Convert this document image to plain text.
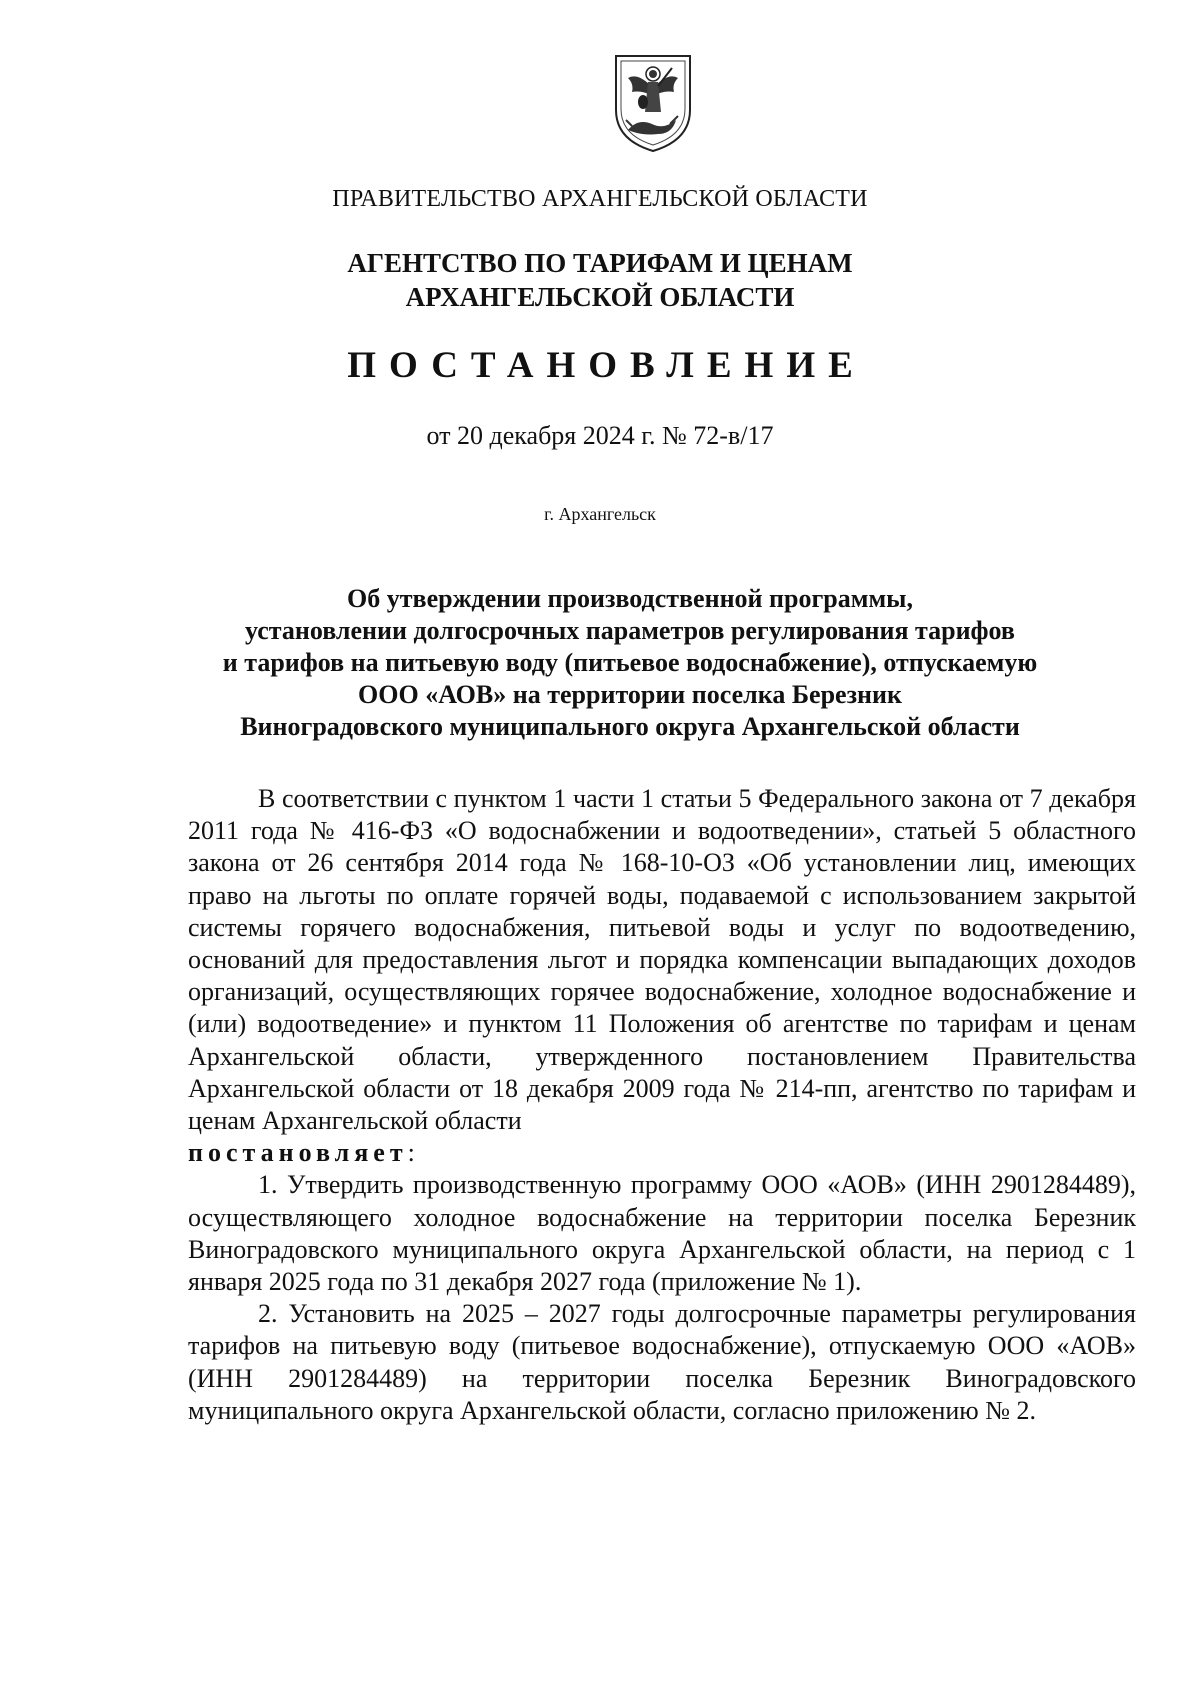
ПРАВИТЕЛЬСТВО АРХАНГЕЛЬСКОЙ ОБЛАСТИ
АГЕНТСТВО ПО ТАРИФАМ И ЦЕНАМ
АРХАНГЕЛЬСКОЙ ОБЛАСТИ
ПОСТАНОВЛЕНИЕ
от 20 декабря 2024 г. № 72-в/17
г. Архангельск
Об утверждении производственной программы,
установлении долгосрочных параметров регулирования тарифов
и тарифов на питьевую воду (питьевое водоснабжение), отпускаемую
ООО «АОВ» на территории поселка Березник
Виноградовского муниципального округа Архангельской области
В соответствии с пунктом 1 части 1 статьи 5 Федерального закона от 7 декабря 2011 года № 416-ФЗ «О водоснабжении и водоотведении», статьей 5 областного закона от 26 сентября 2014 года № 168-10-ОЗ «Об установлении лиц, имеющих право на льготы по оплате горячей воды, подаваемой с использованием закрытой системы горячего водоснабжения, питьевой воды и услуг по водоотведению, оснований для предоставления льгот и порядка компенсации выпадающих доходов организаций, осуществляющих горячее водоснабжение, холодное водоснабжение и (или) водоотведение» и пунктом 11 Положения об агентстве по тарифам и ценам Архангельской области, утвержденного постановлением Правительства Архангельской области от 18 декабря 2009 года № 214-пп, агентство по тарифам и ценам Архангельской области
постановляет:
1. Утвердить производственную программу ООО «АОВ» (ИНН 2901284489), осуществляющего холодное водоснабжение на территории поселка Березник Виноградовского муниципального округа Архангельской области, на период с 1 января 2025 года по 31 декабря 2027 года (приложение № 1).
2. Установить на 2025 – 2027 годы долгосрочные параметры регулирования тарифов на питьевую воду (питьевое водоснабжение), отпускаемую ООО «АОВ» (ИНН 2901284489) на территории поселка Березник Виноградовского муниципального округа Архангельской области, согласно приложению № 2.
